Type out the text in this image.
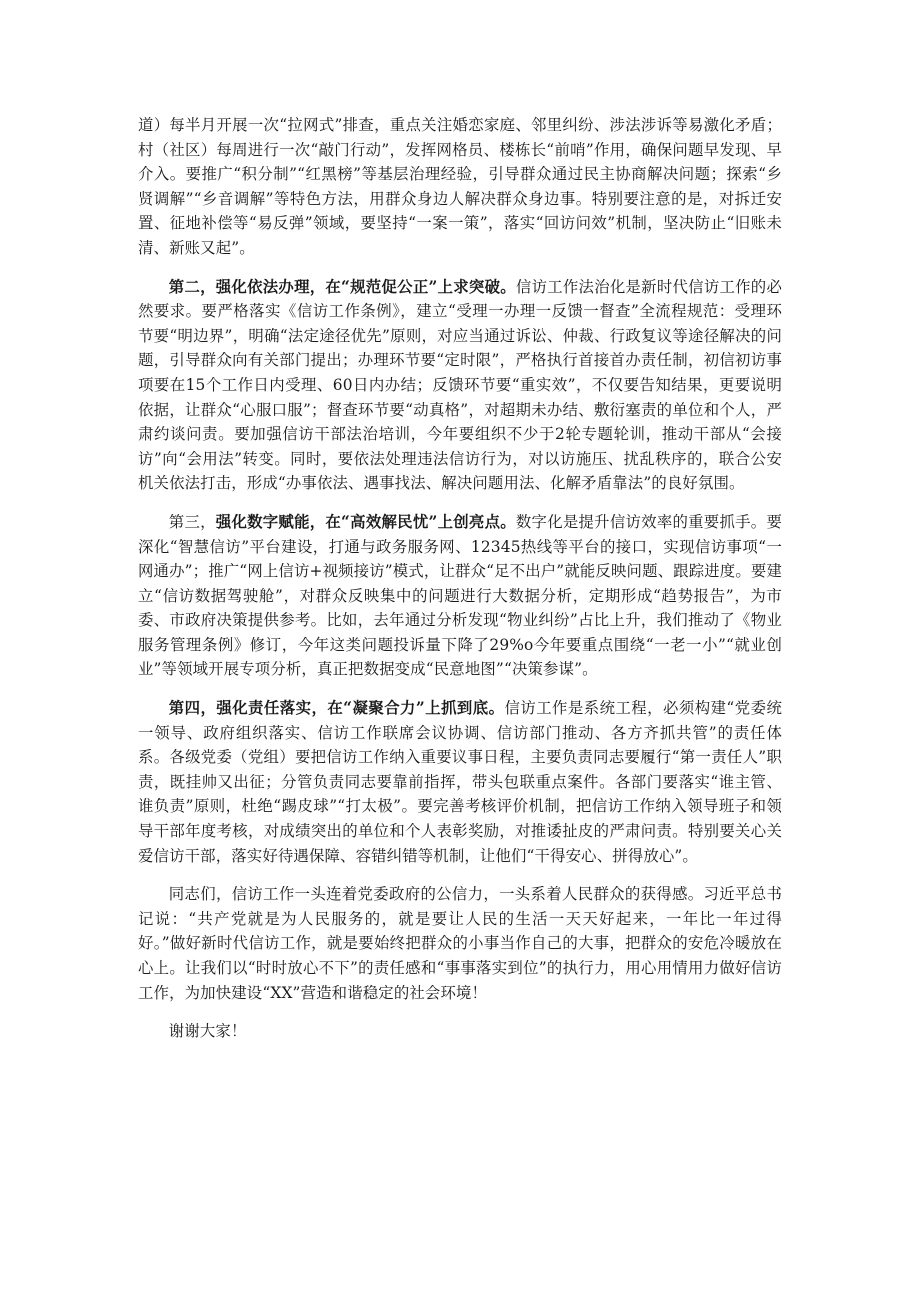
道）每半月开展一次“拉网式”排查，重点关注婚恋家庭、邻里纠纷、涉法涉诉等易激化矛盾；村（社区）每周进行一次“敲门行动”，发挥网格员、楼栋长“前哨”作用，确保问题早发现、早介入。要推广“积分制”“红黑榜”等基层治理经验，引导群众通过民主协商解决问题；探索“乡贤调解”“乡音调解”等特色方法，用群众身边人解决群众身边事。特别要注意的是，对拆迁安置、征地补偿等“易反弹”领域，要坚持“一案一策”，落实“回访问效”机制，坚决防止“旧账未清、新账又起”。

第二，强化依法办理，在“规范促公正”上求突破。信访工作法治化是新时代信访工作的必然要求。要严格落实《信访工作条例》，建立“受理一办理一反馈一督查”全流程规范：受理环节要“明边界”，明确“法定途径优先”原则，对应当通过诉讼、仲裁、行政复议等途径解决的问题，引导群众向有关部门提出；办理环节要“定时限”，严格执行首接首办责任制，初信初访事项要在15个工作日内受理、60日内办结；反馈环节要“重实效”，不仅要告知结果，更要说明依据，让群众“心服口服”；督查环节要“动真格”，对超期未办结、敷衍塞责的单位和个人，严肃约谈问责。要加强信访干部法治培训，今年要组织不少于2轮专题轮训，推动干部从“会接访”向“会用法”转变。同时，要依法处理违法信访行为，对以访施压、扰乱秩序的，联合公安机关依法打击，形成“办事依法、遇事找法、解决问题用法、化解矛盾靠法”的良好氛围。

第三，强化数字赋能，在“高效解民忧”上创亮点。数字化是提升信访效率的重要抓手。要深化“智慧信访”平台建设，打通与政务服务网、12345热线等平台的接口，实现信访事项“一网通办”；推广“网上信访+视频接访”模式，让群众“足不出户”就能反映问题、跟踪进度。要建立“信访数据驾驶舱”，对群众反映集中的问题进行大数据分析，定期形成“趋势报告”，为市委、市政府决策提供参考。比如，去年通过分析发现“物业纠纷”占比上升，我们推动了《物业服务管理条例》修订，今年这类问题投诉量下降了29%o今年要重点围绕“一老一小”“就业创业”等领域开展专项分析，真正把数据变成“民意地图”“决策参谋”。

第四，强化责任落实，在“凝聚合力”上抓到底。信访工作是系统工程，必须构建“党委统一领导、政府组织落实、信访工作联席会议协调、信访部门推动、各方齐抓共管”的责任体系。各级党委（党组）要把信访工作纳入重要议事日程，主要负责同志要履行“第一责任人”职责，既挂帅又出征；分管负责同志要靠前指挥，带头包联重点案件。各部门要落实“谁主管、谁负责”原则，杜绝“踢皮球”“打太极”。要完善考核评价机制，把信访工作纳入领导班子和领导干部年度考核，对成绩突出的单位和个人表彰奖励，对推诿扯皮的严肃问责。特别要关心关爱信访干部，落实好待遇保障、容错纠错等机制，让他们“干得安心、拼得放心”。

同志们，信访工作一头连着党委政府的公信力，一头系着人民群众的获得感。习近平总书记说：“共产党就是为人民服务的，就是要让人民的生活一天天好起来，一年比一年过得好。”做好新时代信访工作，就是要始终把群众的小事当作自己的大事，把群众的安危冷暖放在心上。让我们以“时时放心不下”的责任感和“事事落实到位”的执行力，用心用情用力做好信访工作，为加快建设“XX”营造和谐稳定的社会环境！

谢谢大家！
